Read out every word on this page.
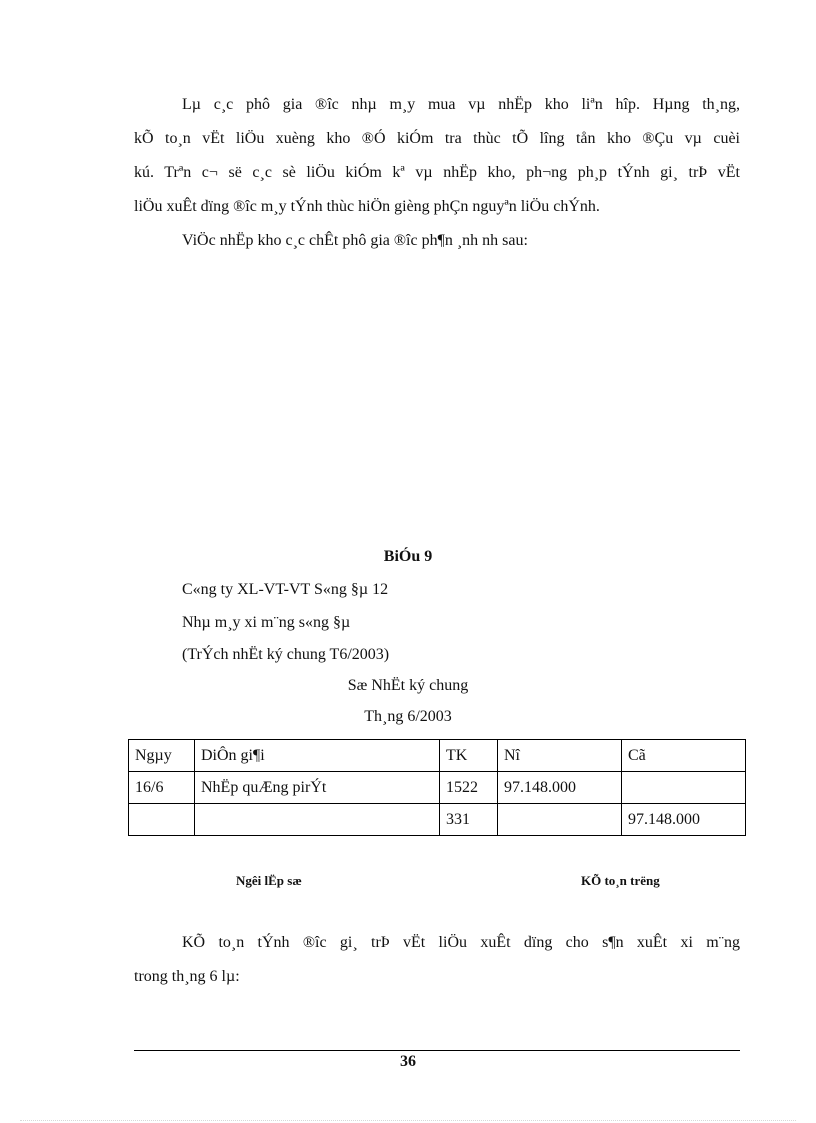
Lµ c¸c phô gia ®îc nhµ m¸y mua vµ nhËp kho liªn hîp. Hµng th¸ng,
kÕ to¸n vËt liÖu xuèng kho ®Ó kiÓm tra thùc tÕ lîng tån kho ®Çu vµ cuèi
kú. Trªn c¬ së c¸c sè liÖu kiÓm kª vµ nhËp kho, ph¬ng ph¸p tÝnh gi¸ trÞ vËt
liÖu xuÊt dïng ®îc m¸y tÝnh thùc hiÖn gièng phÇn nguyªn liÖu chÝnh.
ViÖc nhËp kho c¸c chÊt phô gia ®îc ph¶n ¸nh nh sau:
BiÓu 9
C«ng ty XL-VT-VT S«ng §µ 12
Nhµ m¸y xi m¨ng s«ng §µ
(TrÝch nhËt ký chung T6/2003)
Sæ NhËt ký chung
Th¸ng 6/2003
Ngµy	DiÔn gi¶i	TK	Nî	Cã
16/6	NhËp quÆng pirÝt	1522	97.148.000	
		331		97.148.000
Ngêi lËp sæ	KÕ to¸n trëng
KÕ to¸n tÝnh ®îc gi¸ trÞ vËt liÖu xuÊt dïng cho s¶n xuÊt xi m¨ng
trong th¸ng 6 lµ:
36
